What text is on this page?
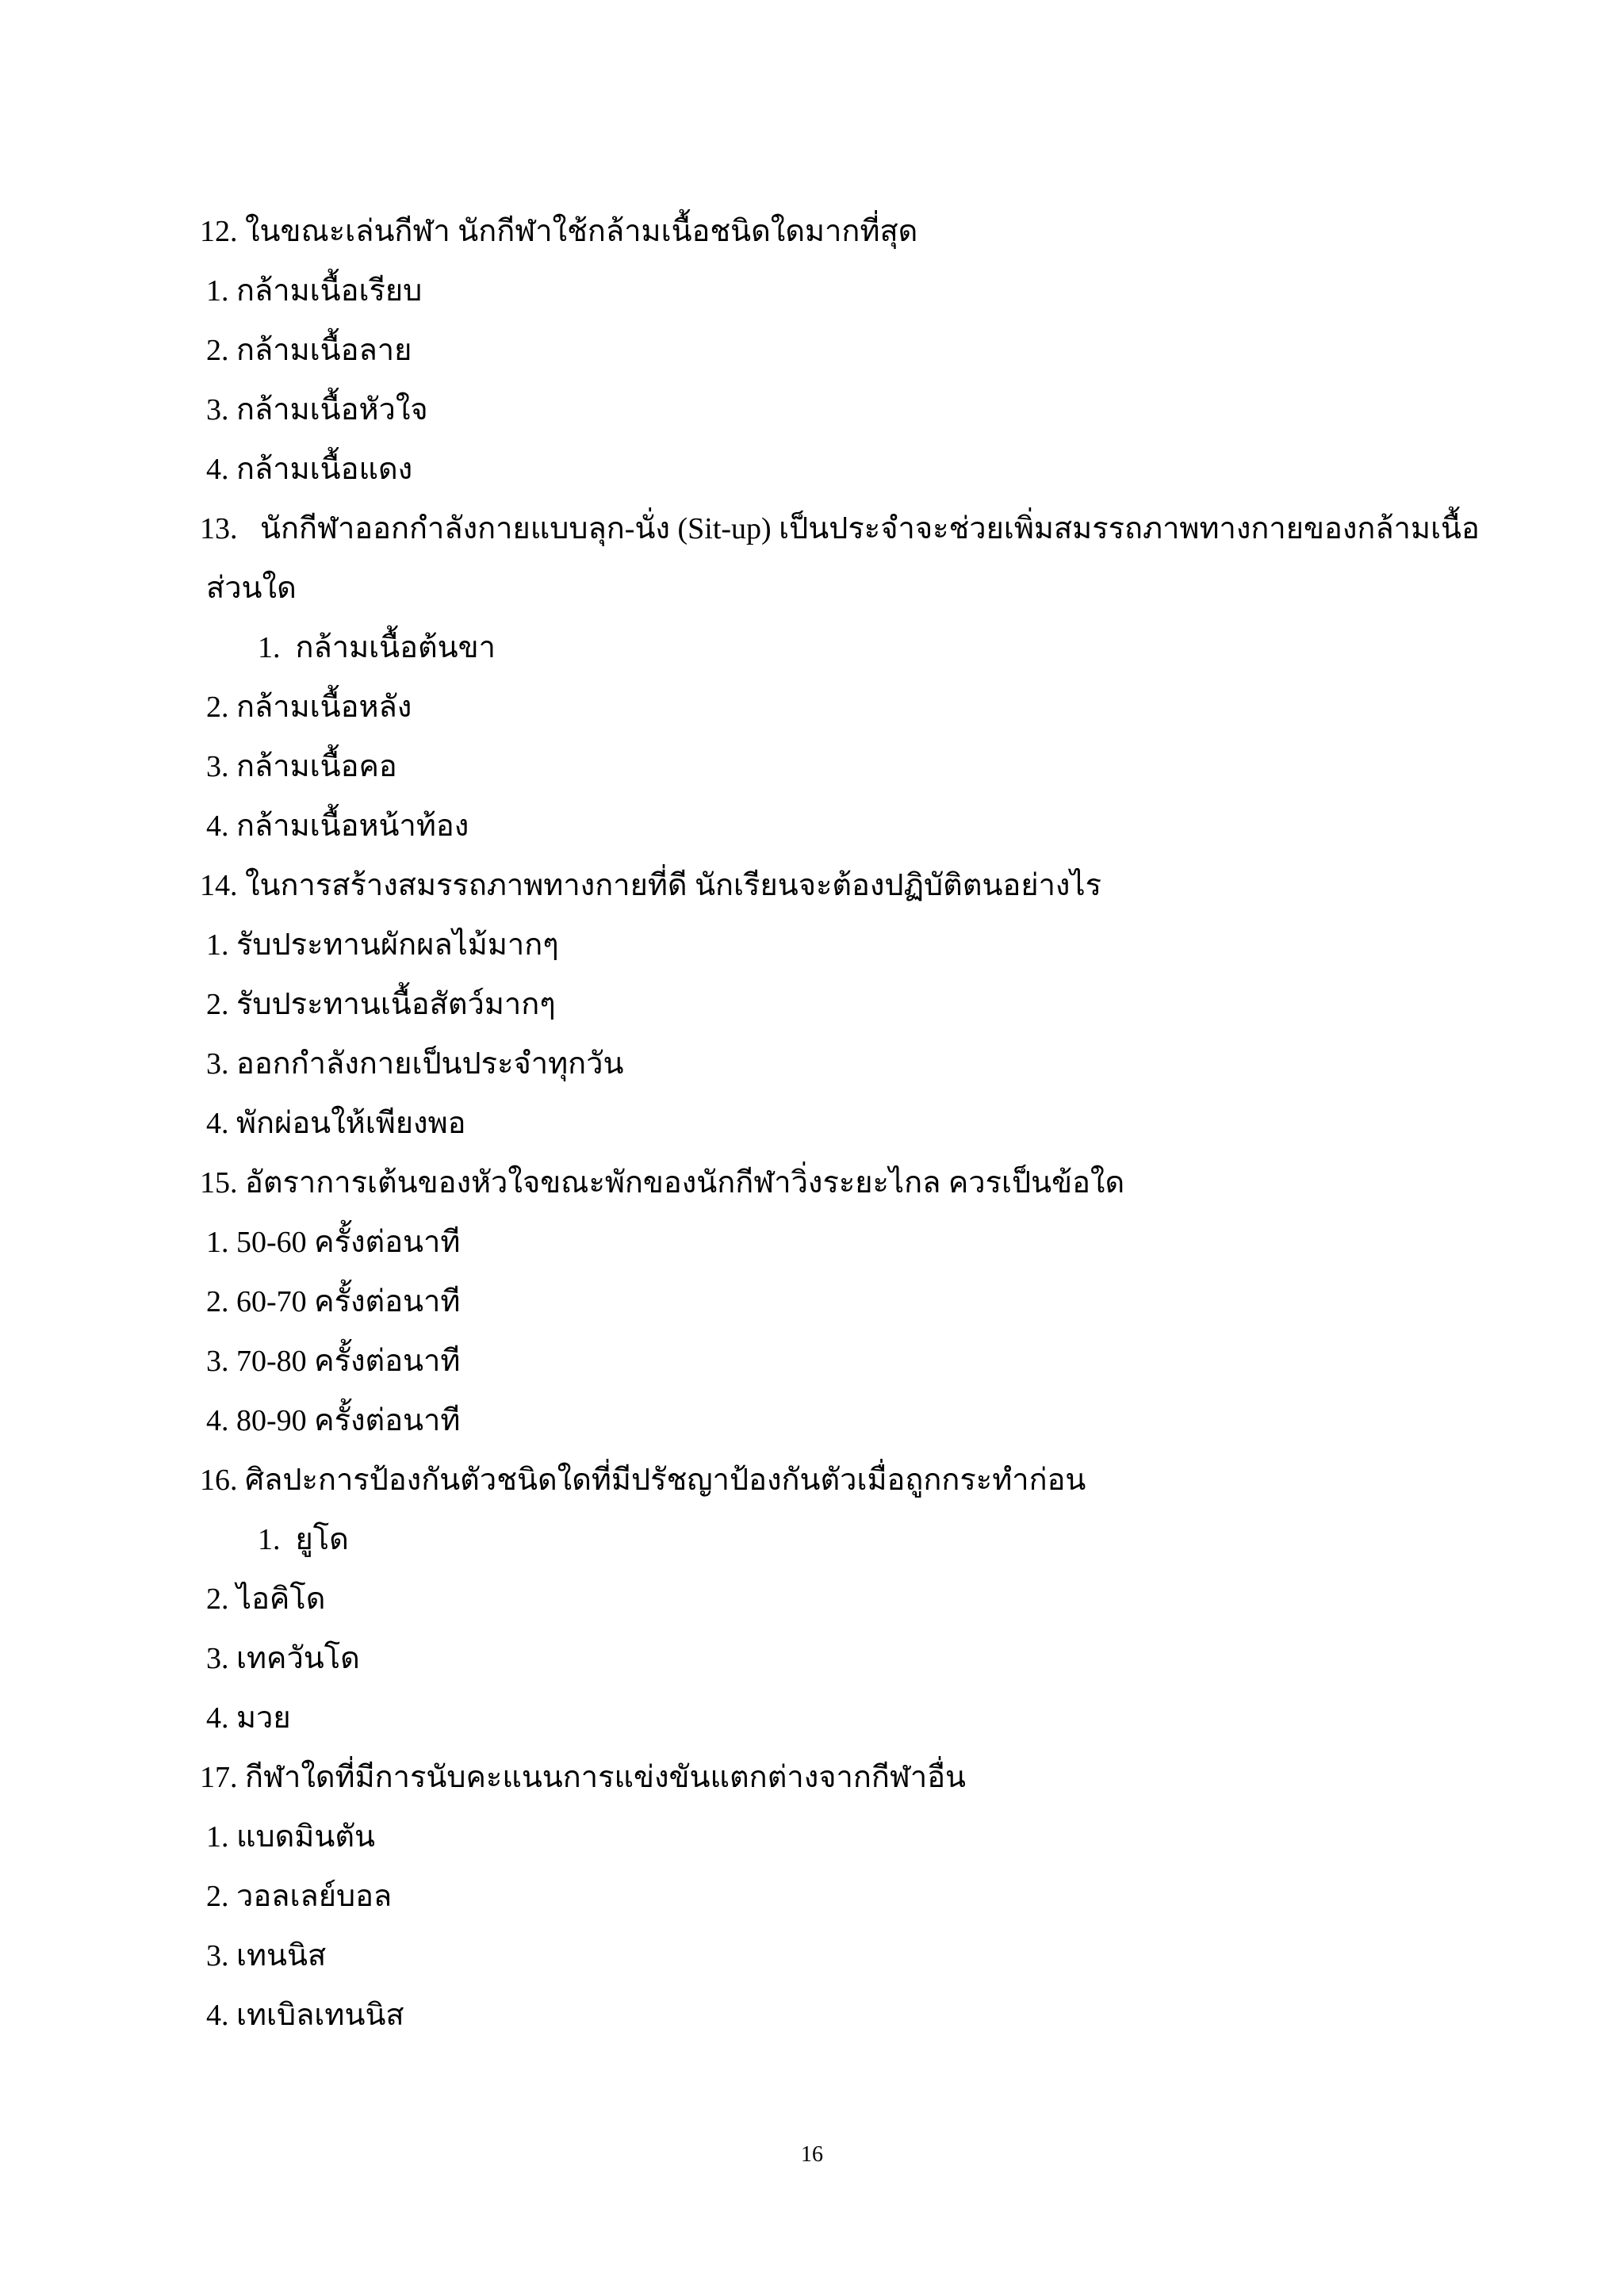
12. ในขณะเล่นกีฬา นักกีฬาใช้กล้ามเนื้อชนิดใดมากที่สุด
1. กล้ามเนื้อเรียบ
2. กล้ามเนื้อลาย
3. กล้ามเนื้อหัวใจ
4. กล้ามเนื้อแดง
13.   นักกีฬาออกกำลังกายแบบลุก-นั่ง (Sit-up) เป็นประจำจะช่วยเพิ่มสมรรถภาพทางกายของกล้ามเนื้อ
ส่วนใด
1.  กล้ามเนื้อต้นขา
2. กล้ามเนื้อหลัง
3. กล้ามเนื้อคอ
4. กล้ามเนื้อหน้าท้อง
14. ในการสร้างสมรรถภาพทางกายที่ดี นักเรียนจะต้องปฏิบัติตนอย่างไร
1. รับประทานผักผลไม้มากๆ
2. รับประทานเนื้อสัตว์มากๆ
3. ออกกำลังกายเป็นประจำทุกวัน
4. พักผ่อนให้เพียงพอ
15. อัตราการเต้นของหัวใจขณะพักของนักกีฬาวิ่งระยะไกล ควรเป็นข้อใด
1. 50-60 ครั้งต่อนาที
2. 60-70 ครั้งต่อนาที
3. 70-80 ครั้งต่อนาที
4. 80-90 ครั้งต่อนาที
16. ศิลปะการป้องกันตัวชนิดใดที่มีปรัชญาป้องกันตัวเมื่อถูกกระทำก่อน
1.  ยูโด
2. ไอคิโด
3. เทควันโด
4. มวย
17. กีฬาใดที่มีการนับคะแนนการแข่งขันแตกต่างจากกีฬาอื่น
1. แบดมินตัน
2. วอลเลย์บอล
3. เทนนิส
4. เทเบิลเทนนิส
16
